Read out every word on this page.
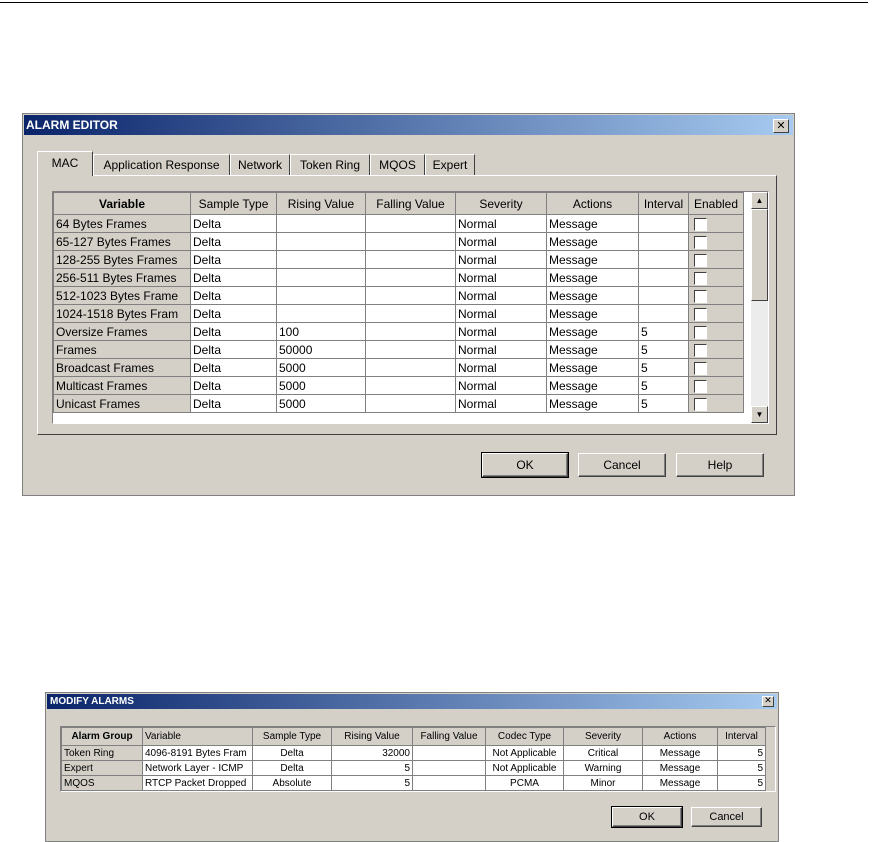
ALARM EDITOR	✕
MAC	Application Response	Network	Token Ring	MQOS	Expert
Variable	Sample Type	Rising Value	Falling Value	Severity	Actions	Interval	Enabled
64 Bytes Frames	Delta			Normal	Message		
65-127 Bytes Frames	Delta			Normal	Message		
128-255 Bytes Frames	Delta			Normal	Message		
256-511 Bytes Frames	Delta			Normal	Message		
512-1023 Bytes Frame	Delta			Normal	Message		
1024-1518 Bytes Fram	Delta			Normal	Message		
Oversize Frames	Delta	100		Normal	Message	5	
Frames	Delta	50000		Normal	Message	5	
Broadcast Frames	Delta	5000		Normal	Message	5	
Multicast Frames	Delta	5000		Normal	Message	5	
Unicast Frames	Delta	5000		Normal	Message	5	
▲
▼
OK	Cancel	Help
MODIFY ALARMS	✕
Alarm Group	Variable	Sample Type	Rising Value	Falling Value	Codec Type	Severity	Actions	Interval
Token Ring	4096-8191 Bytes Fram	Delta	32000		Not Applicable	Critical	Message	5
Expert	Network Layer - ICMP	Delta	5		Not Applicable	Warning	Message	5
MQOS	RTCP Packet Dropped	Absolute	5		PCMA	Minor	Message	5
OK	Cancel
